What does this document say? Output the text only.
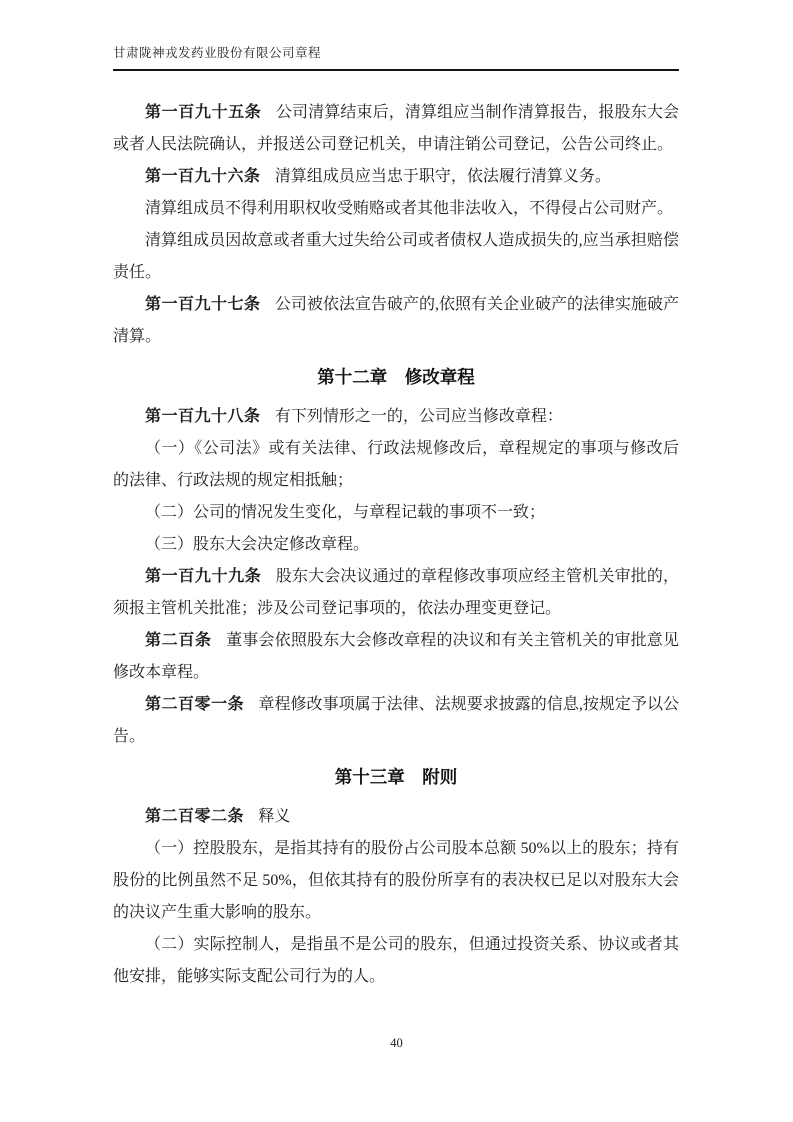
甘肃陇神戎发药业股份有限公司章程

第一百九十五条 公司清算结束后，清算组应当制作清算报告，报股东大会或者人民法院确认，并报送公司登记机关，申请注销公司登记，公告公司终止。

第一百九十六条 清算组成员应当忠于职守，依法履行清算义务。

清算组成员不得利用职权收受贿赂或者其他非法收入，不得侵占公司财产。

清算组成员因故意或者重大过失给公司或者债权人造成损失的,应当承担赔偿责任。

第一百九十七条 公司被依法宣告破产的,依照有关企业破产的法律实施破产清算。

第十二章　修改章程

第一百九十八条 有下列情形之一的，公司应当修改章程：

（一）《公司法》或有关法律、行政法规修改后，章程规定的事项与修改后的法律、行政法规的规定相抵触；

（二）公司的情况发生变化，与章程记载的事项不一致；

（三）股东大会决定修改章程。

第一百九十九条 股东大会决议通过的章程修改事项应经主管机关审批的，须报主管机关批准；涉及公司登记事项的，依法办理变更登记。

第二百条 董事会依照股东大会修改章程的决议和有关主管机关的审批意见修改本章程。

第二百零一条 章程修改事项属于法律、法规要求披露的信息,按规定予以公告。

第十三章　附则

第二百零二条 释义

（一）控股股东，是指其持有的股份占公司股本总额 50%以上的股东；持有股份的比例虽然不足 50%，但依其持有的股份所享有的表决权已足以对股东大会的决议产生重大影响的股东。

（二）实际控制人，是指虽不是公司的股东，但通过投资关系、协议或者其他安排，能够实际支配公司行为的人。

40
